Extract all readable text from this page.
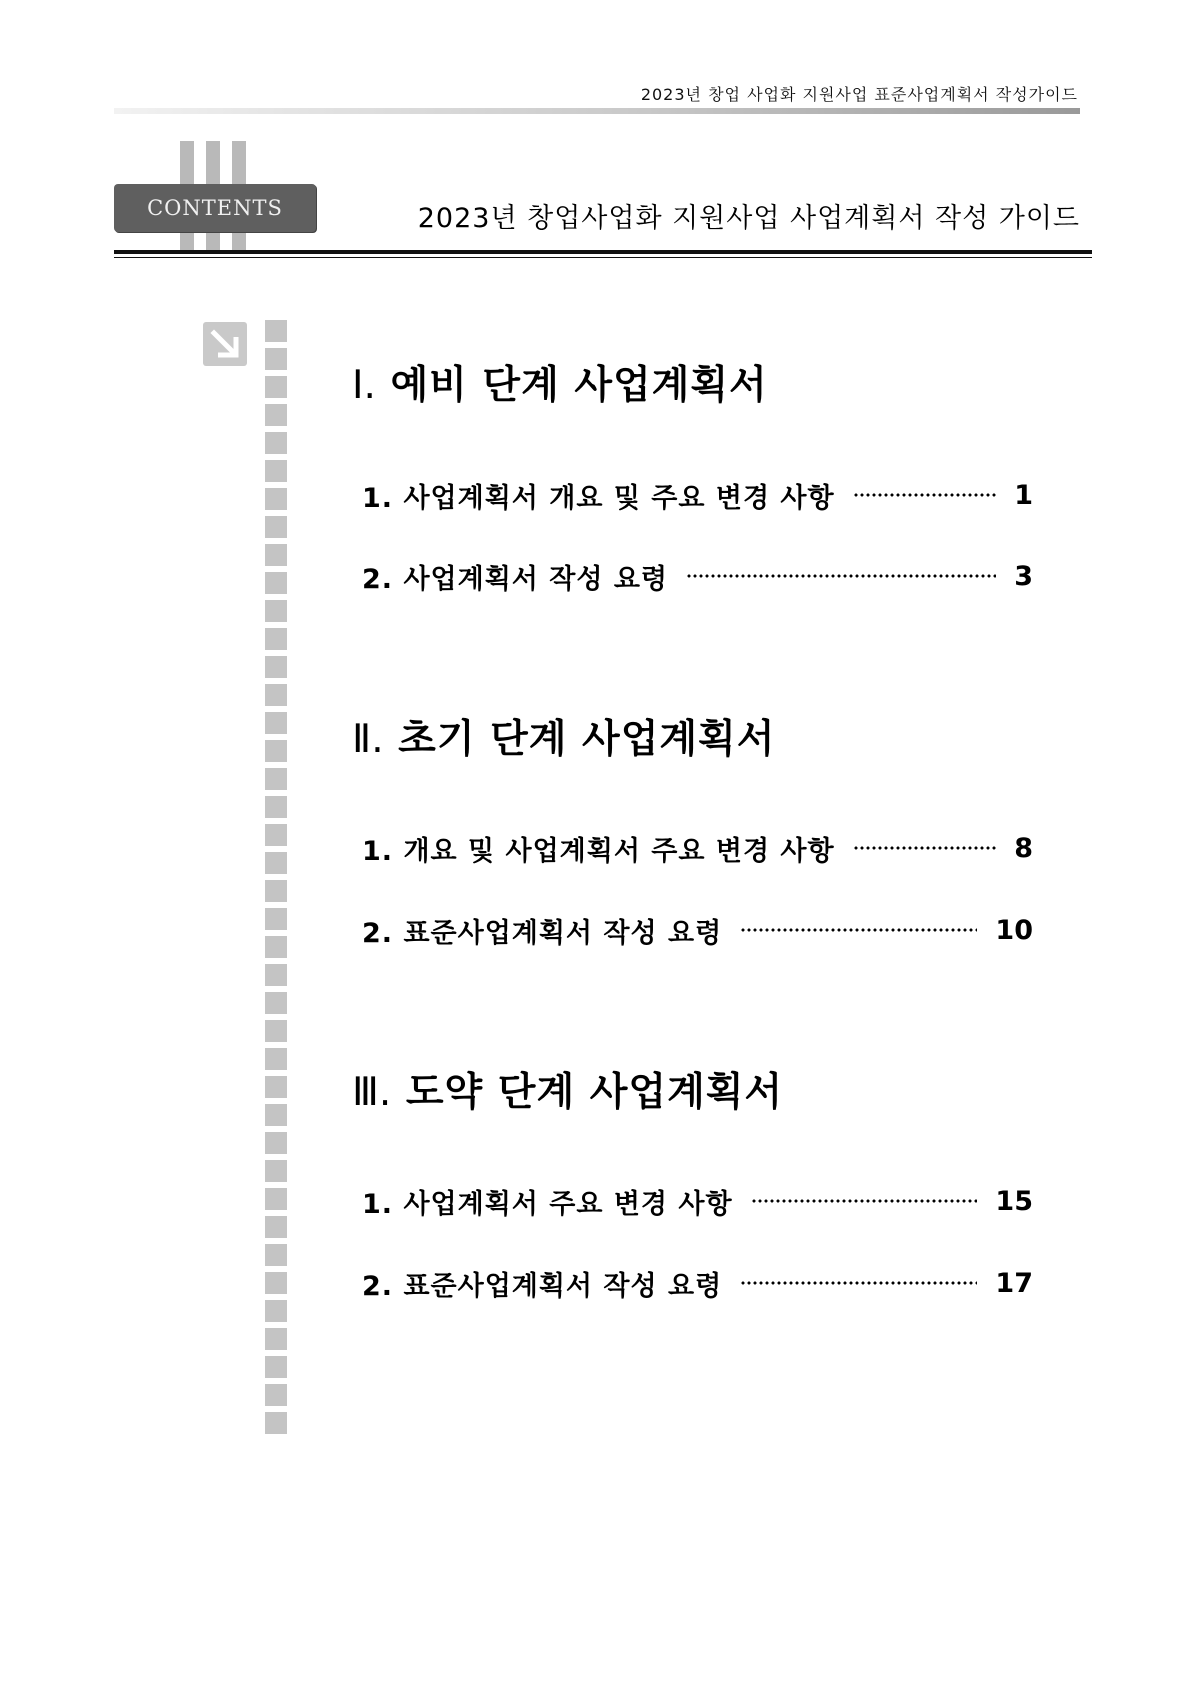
2023년 창업 사업화 지원사업 표준사업계획서 작성가이드
CONTENTS	2023년 창업사업화 지원사업 사업계획서 작성 가이드
Ⅰ. 예비 단계 사업계획서
1. 사업계획서 개요 및 주요 변경 사항	1
2. 사업계획서 작성 요령	3
Ⅱ. 초기 단계 사업계획서
1. 개요 및 사업계획서 주요 변경 사항	8
2. 표준사업계획서 작성 요령	10
Ⅲ. 도약 단계 사업계획서
1. 사업계획서 주요 변경 사항	15
2. 표준사업계획서 작성 요령	17
